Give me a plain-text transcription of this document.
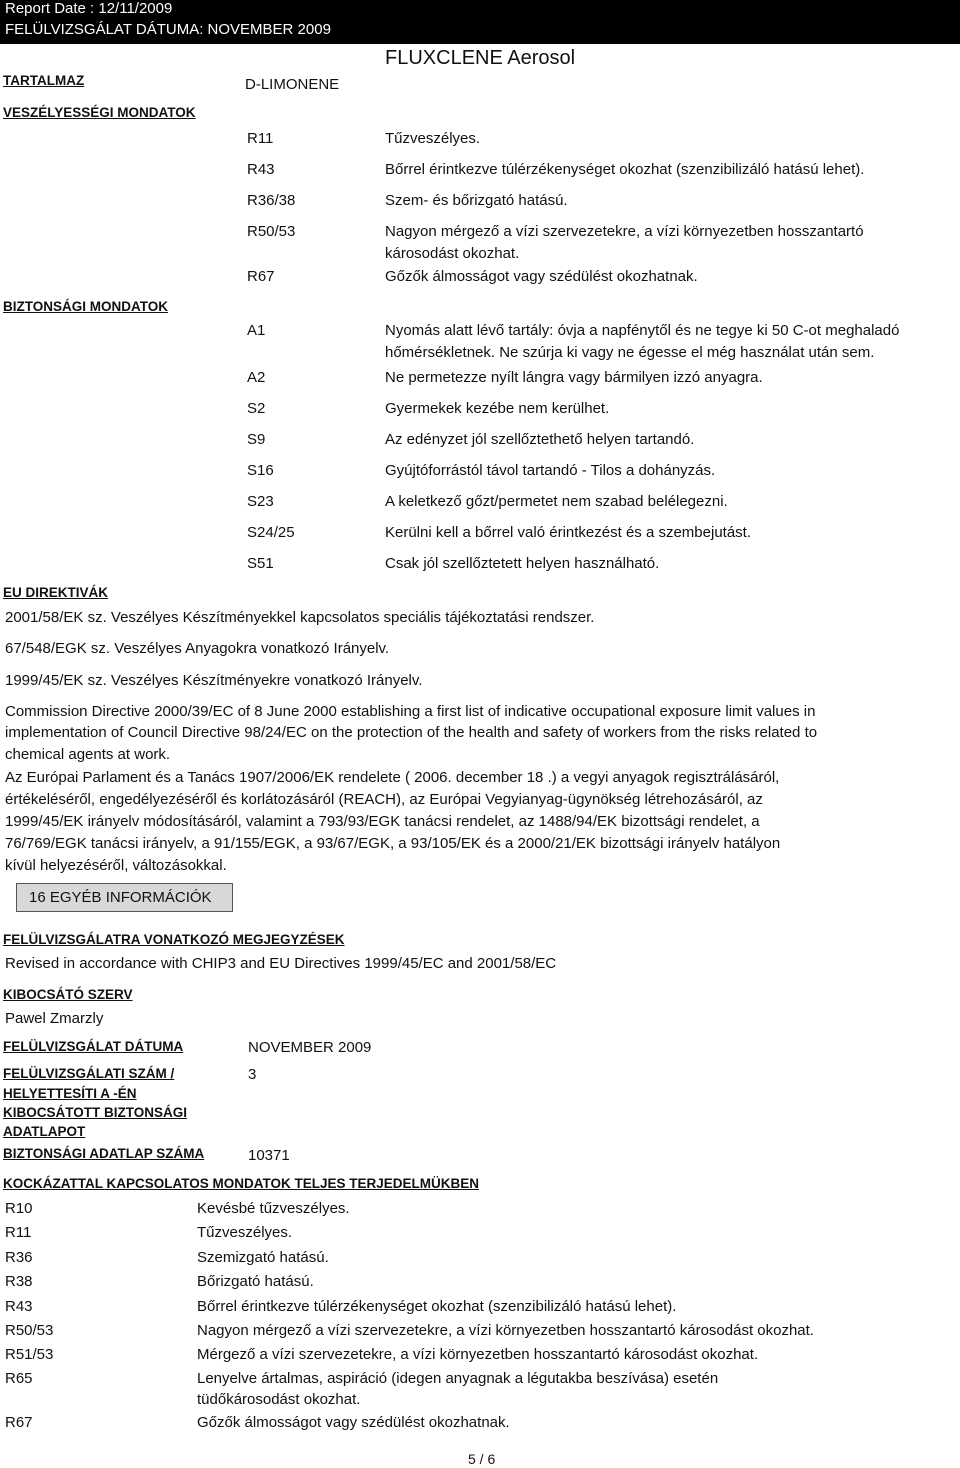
Report Date : 12/11/2009
FELÜLVIZSGÁLAT DÁTUMA: NOVEMBER 2009
FLUXCLENE Aerosol
TARTALMAZ	D-LIMONENE
VESZÉLYESSÉGI MONDATOK
R11	Tűzveszélyes.
R43	Bőrrel érintkezve túlérzékenységet okozhat (szenzibilizáló hatású lehet).
R36/38	Szem- és bőrizgató hatású.
R50/53	Nagyon mérgező a vízi szervezetekre, a vízi környezetben hosszantartó
károsodást okozhat.
R67	Gőzők álmosságot vagy szédülést okozhatnak.
BIZTONSÁGI MONDATOK
A1	Nyomás alatt lévő tartály: óvja a napfénytől és ne tegye ki 50 C-ot meghaladó
hőmérsékletnek. Ne szúrja ki vagy ne égesse el még használat után sem.
A2	Ne permetezze nyílt lángra vagy bármilyen izzó anyagra.
S2	Gyermekek kezébe nem kerülhet.
S9	Az edényzet jól szellőztethető helyen tartandó.
S16	Gyújtóforrástól távol tartandó - Tilos a dohányzás.
S23	A keletkező gőzt/permetet nem szabad belélegezni.
S24/25	Kerülni kell a bőrrel való érintkezést és a szembejutást.
S51	Csak jól szellőztetett helyen használható.
EU DIREKTIVÁK
2001/58/EK sz. Veszélyes Készítményekkel kapcsolatos speciális tájékoztatási rendszer.
67/548/EGK sz. Veszélyes Anyagokra vonatkozó Irányelv.
1999/45/EK sz. Veszélyes Készítményekre vonatkozó Irányelv.
Commission Directive 2000/39/EC of 8 June 2000 establishing a first list of indicative occupational exposure limit values in
implementation of Council Directive 98/24/EC on the protection of the health and safety of workers from the risks related to
chemical agents at work.
Az Európai Parlament és a Tanács 1907/2006/EK rendelete ( 2006. december 18 .) a vegyi anyagok regisztrálásáról,
értékeléséről, engedélyezéséről és korlátozásáról (REACH), az Európai Vegyianyag-ügynökség létrehozásáról, az
1999/45/EK irányelv módosításáról, valamint a 793/93/EGK tanácsi rendelet, az 1488/94/EK bizottsági rendelet, a
76/769/EGK tanácsi irányelv, a 91/155/EGK, a 93/67/EGK, a 93/105/EK és a 2000/21/EK bizottsági irányelv hatályon
kívül helyezéséről, változásokkal.
16 EGYÉB INFORMÁCIÓK
FELÜLVIZSGÁLATRA VONATKOZÓ MEGJEGYZÉSEK
Revised in accordance with CHIP3 and EU Directives 1999/45/EC and 2001/58/EC
KIBOCSÁTÓ SZERV
Pawel Zmarzly
FELÜLVIZSGÁLAT DÁTUMA	NOVEMBER 2009
FELÜLVIZSGÁLATI SZÁM /
HELYETTESÍTI A -ÉN
KIBOCSÁTOTT BIZTONSÁGI
ADATLAPOT
3
BIZTONSÁGI ADATLAP SZÁMA	10371
KOCKÁZATTAL KAPCSOLATOS MONDATOK TELJES TERJEDELMÜKBEN
R10	Kevésbé tűzveszélyes.
R11	Tűzveszélyes.
R36	Szemizgató hatású.
R38	Bőrizgató hatású.
R43	Bőrrel érintkezve túlérzékenységet okozhat (szenzibilizáló hatású lehet).
R50/53	Nagyon mérgező a vízi szervezetekre, a vízi környezetben hosszantartó károsodást okozhat.
R51/53	Mérgező a vízi szervezetekre, a vízi környezetben hosszantartó károsodást okozhat.
R65	Lenyelve ártalmas, aspiráció (idegen anyagnak a légutakba beszívása) esetén
tüdőkárosodást okozhat.
R67	Gőzők álmosságot vagy szédülést okozhatnak.
5 / 6
